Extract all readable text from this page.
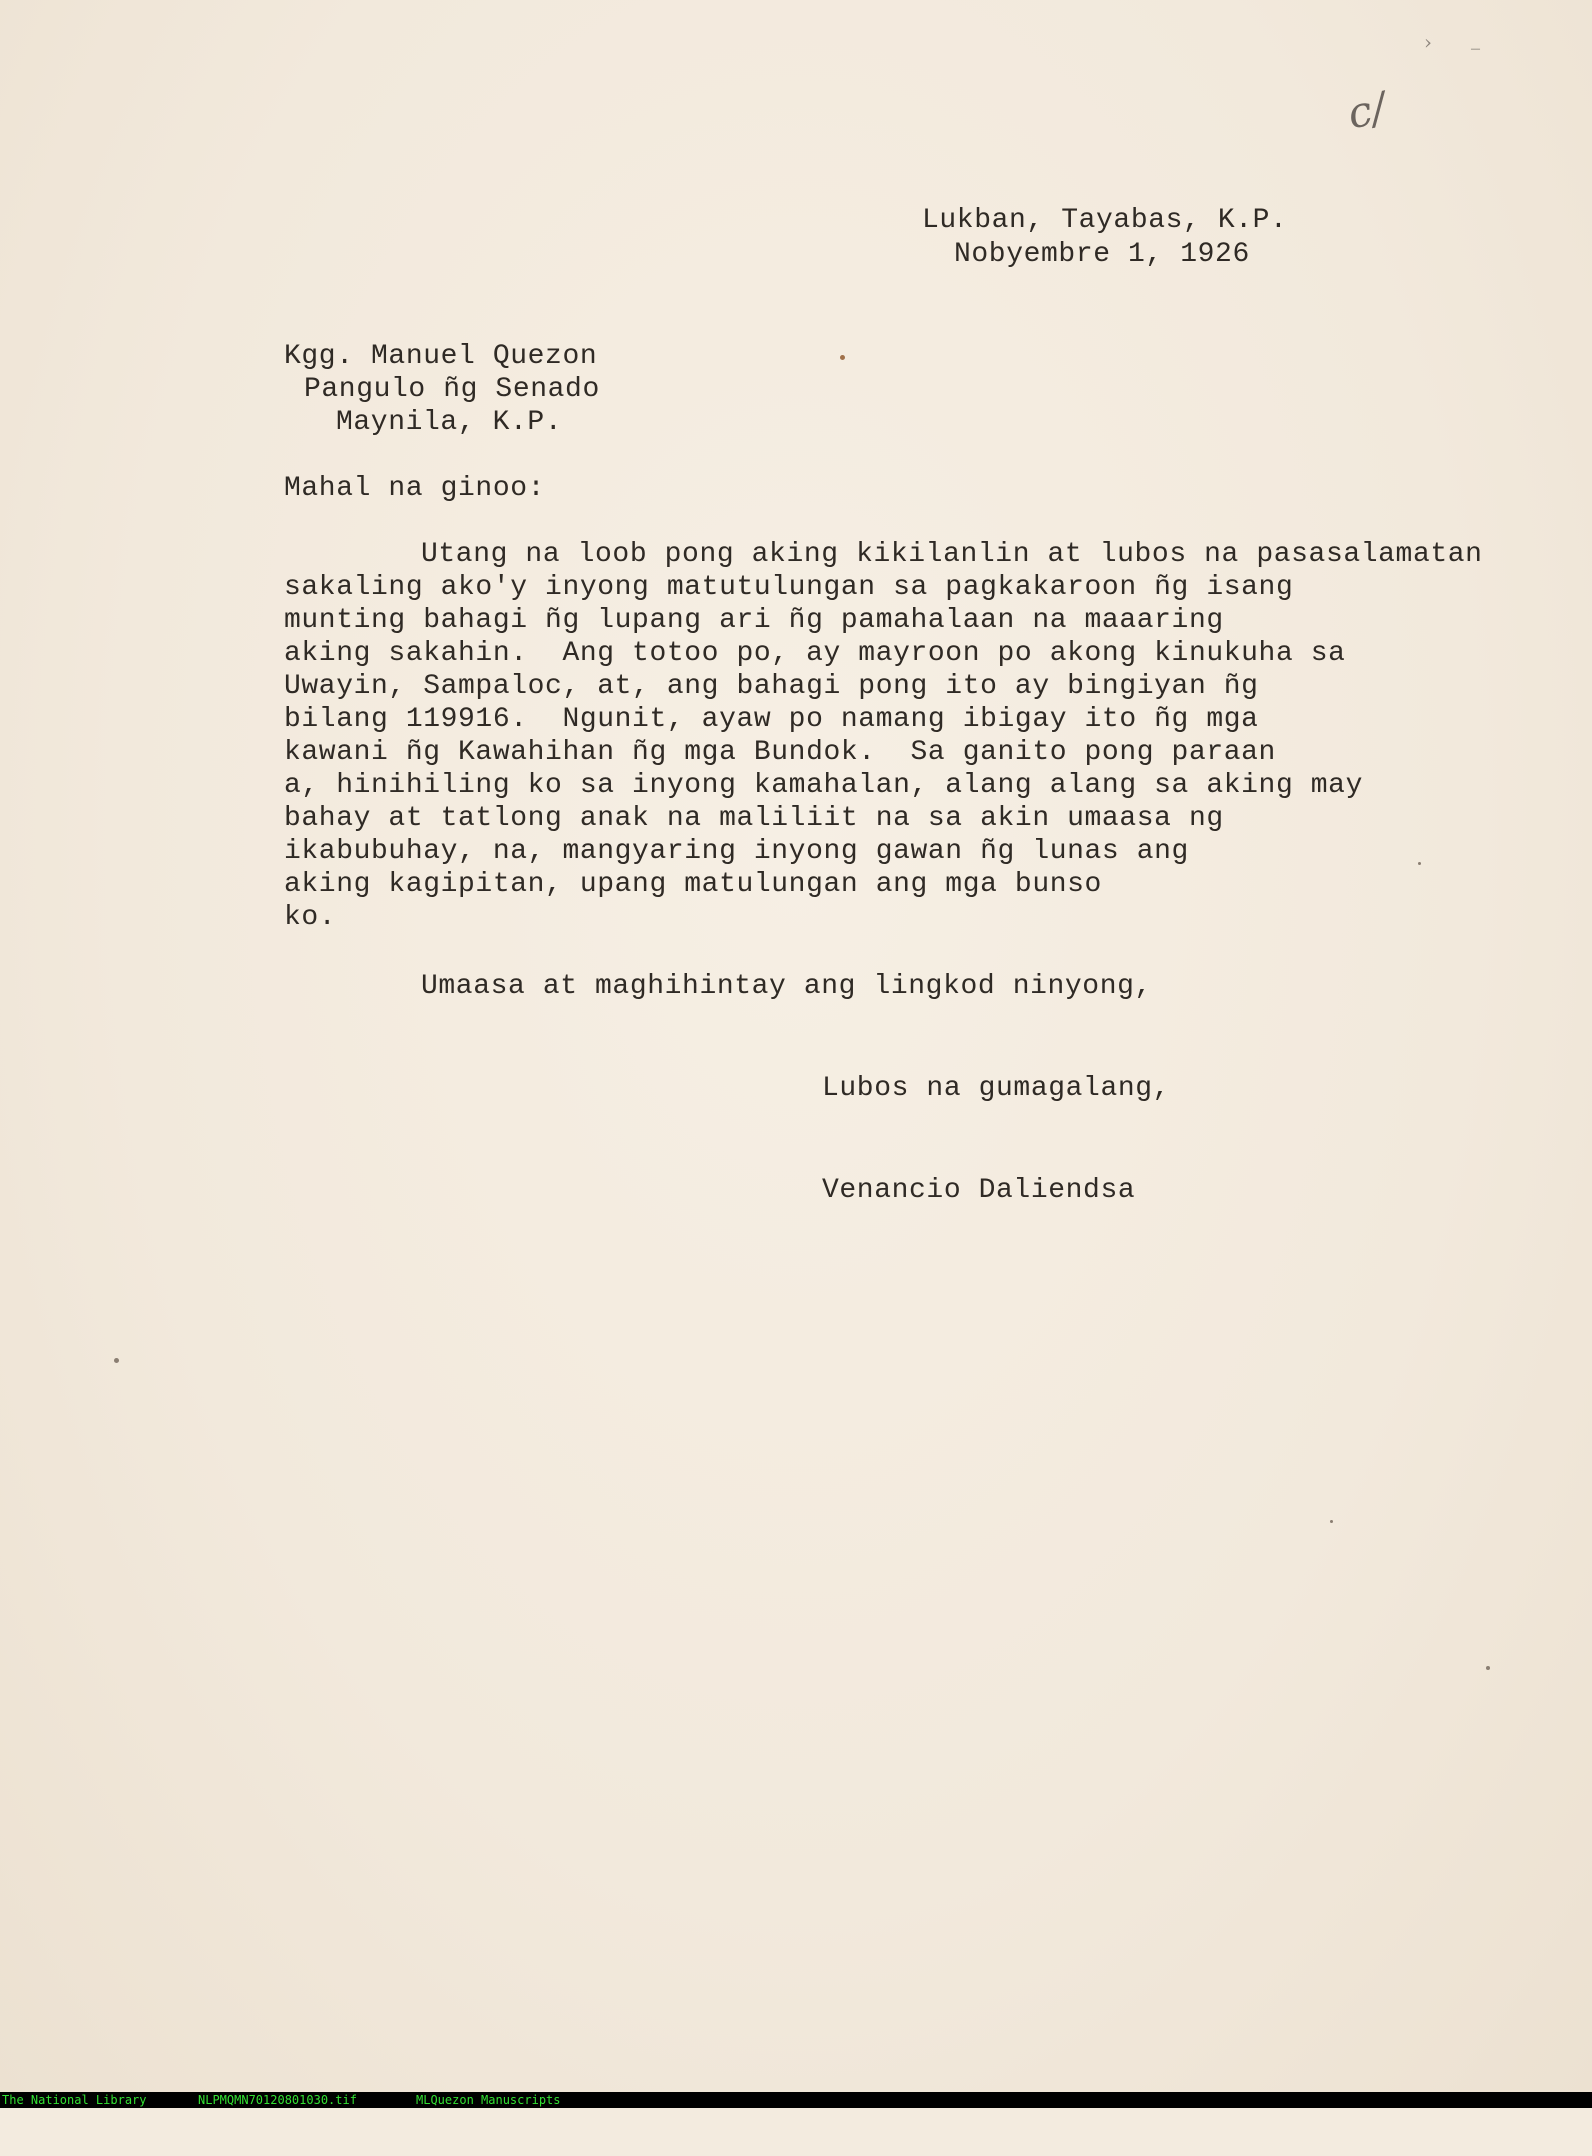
c/
› –
Lukban, Tayabas, K.P.
Nobyembre 1, 1926
Kgg. Manuel Quezon
Pangulo ñg Senado
Maynila, K.P.
Mahal na ginoo:
Utang na loob pong aking kikilanlin at lubos na pasasalamatan
sakaling ako'y inyong matutulungan sa pagkakaroon ñg isang
munting bahagi ñg lupang ari ñg pamahalaan na maaaring
aking sakahin.  Ang totoo po, ay mayroon po akong kinukuha sa
Uwayin, Sampaloc, at, ang bahagi pong ito ay bingiyan ñg
bilang 119916.  Ngunit, ayaw po namang ibigay ito ñg mga
kawani ñg Kawahihan ñg mga Bundok.  Sa ganito pong paraan
a, hinihiling ko sa inyong kamahalan, alang alang sa aking may
bahay at tatlong anak na maliliit na sa akin umaasa ng
ikabubuhay, na, mangyaring inyong gawan ñg lunas ang
aking kagipitan, upang matulungan ang mga bunso
ko.
Umaasa at maghihintay ang lingkod ninyong,
Lubos na gumagalang,
Venancio Daliendsa

The National Library

	NLPMQMN70120801030.tif

	MLQuezon Manuscripts
